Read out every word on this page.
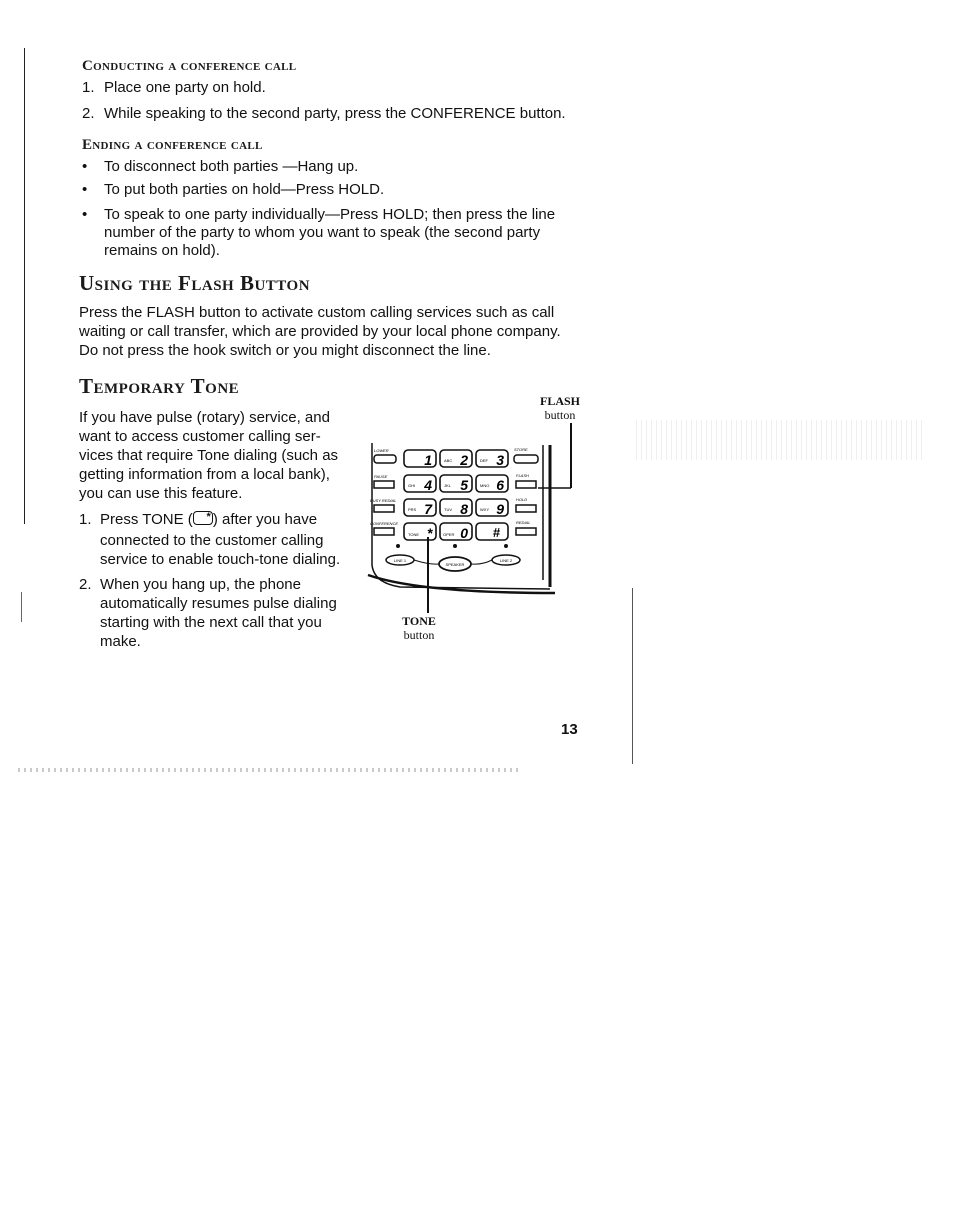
Conducting a conference call
1. Place one party on hold.
2. While speaking to the second party, press the CONFERENCE button.
Ending a conference call
• To disconnect both parties —Hang up.
• To put both parties on hold—Press HOLD.
• To speak to one party individually—Press HOLD; then press the line
number of the party to whom you want to speak (the second party
remains on hold).
Using the Flash Button
Press the FLASH button to activate custom calling services such as call
waiting or call transfer, which are provided by your local phone company.
Do not press the hook switch or you might disconnect the line.
Temporary Tone
If you have pulse (rotary) service, and
want to access customer calling ser-
vices that require Tone dialing (such as
getting information from a local bank),
you can use this feature.
1. Press TONE ( * ) after you have
connected to the customer calling
service to enable touch-tone dialing.
2. When you hang up, the phone
automatically resumes pulse dialing
starting with the next call that you
make.
FLASH
button
TONE
button
LOWER
PAUSE
BUSY REDIAL
CONFERENCE
STORE
FLASH
HOLD
REDIAL
1	ABC 2	DEF 3
GHI 4	JKL 5	MNO 6
PRS 7	TUV 8	WXY 9
TONE *	OPER 0 #
LINE 1
SPEAKER
LINE 2
13
